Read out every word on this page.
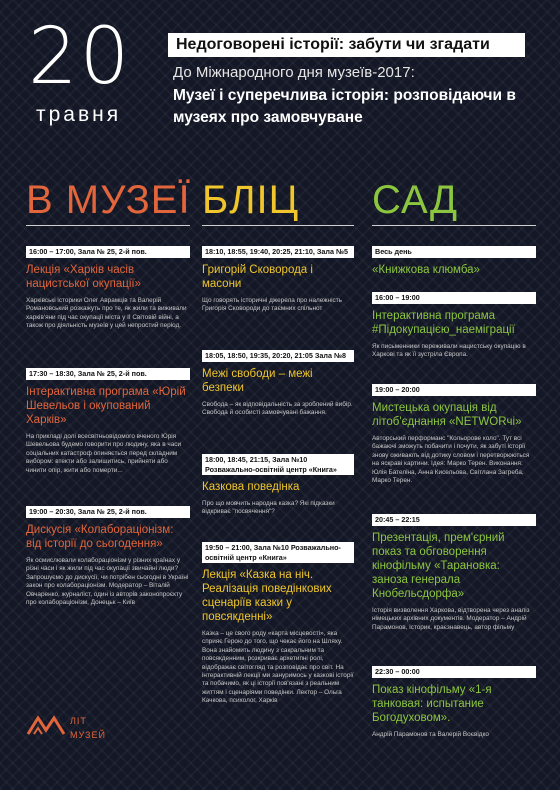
20
травня
Недоговорені історії: забути чи згадати
До Міжнародного дня музеїв-2017:
Музеї і суперечлива історія: розповідаючи в музеях про замовчуване
В МУЗЕЇ
16:00 – 17:00, Зала № 25, 2-й пов.
Лекція «Харків часів нацистської окупації»
Харківські історики Олег Аврамців та Валерій Романовський розкажуть про те, як жили та виживали харків'яни під час окупації міста у II Світовій війні, а також про діяльність музеїв у цей непростий період.
17:30 – 18:30, Зала № 25, 2-й пов.
Інтерактивна програма «Юрій Шевельов і окупований Харків»
На прикладі долі всесвітньовідомого вченого Юрія Шевельова будемо говорити про людину, яка в часи соціальних катастроф опиняється перед складним вибором: втекти або залишитись, прийняти або чинити опір, жити або померти...
19:00 – 20:30, Зала № 25, 2-й пов.
Дискусія «Колабораціонізм: від історії до сьогодення»
Як осмислювали колабораціонізм у різних країнах у різні часи і як жили під час окупації звичайні люди? Запрошуємо до дискусії, чи потрібен сьогодні в Україні закон про колабораціонізм. Модератор – Віталій Овчаренко, журналіст, один із авторів законопроєкту про колабораціонізм, Донецьк – Київ
БЛІЦ
18:10, 18:55, 19:40, 20:25, 21:10, Зала №5
Григорій Сковорода і масони
Що говорять історичні джерела про належність Григорія Сковороди до таємних спільнот
18:05, 18:50, 19:35, 20:20, 21:05 Зала №8
Межі свободи – межі безпеки
Свобода – як відповідальність за зроблений вибір. Свобода й особисті замовчувані бажання.
18:00, 18:45, 21:15, Зала №10 Розважально-освітній центр «Книга»
Казкова поведінка
Про що мовчить народна казка? Які підказки відкриває "посвячення"?
19:50 – 21:00, Зала №10 Розважально-освітній центр «Книга»
Лекція «Казка на ніч. Реалізація поведінкових сценаріїв казки у повсякденні»
Казка – це свого роду «карта місцевості», яка сприяє Герою до того, що чекає його на Шляху. Вона знайомить людину з сакральним та повсякденним, розкриває архетипні ролі, відображає світогляд та розповідає про світ. На інтерактивній лекції ми зануримось у казкові історії та побачимо, як ці історії пов'язані з реальним життям і сценаріями поведінки. Лектор – Ольга Качкова, психолог, Харків
САД
Весь день
«Книжкова клюмба»
16:00 – 19:00
Інтерактивна програма #Підокупацією_наеміграції
Як письменники переживали нацистську окупацію в Харкові та як її зустріла Європа.
19:00 – 20:00
Мистецька окупація від літоб'єднання «NETWORчі»
Авторський перформанс "Кольорове коло". Тут всі бажаючі зможуть побачити і почути, як забуті історії знову оживають від дотику словом і перетворюються на яскраві картини. Ідея: Марко Терен. Виконання: Юлія Бателіна, Анна Кисельова, Світлана Загреба, Марко Терен.
20:45 – 22:15
Презентація, прем'єрний показ та обговорення кінофільму «Тарановка: заноза генерала Кнобельсдорфа»
Історія визволення Харкова, відтворена через аналіз німецьких архівних документів. Модератор – Андрій Парамонов, історик, краєзнавець, автор фільму
22:30 – 00:00
Показ кінофільму «1-я танковая: испытание Богодуховом».
Андрій Парамонов та Валерій Воєвідко
ЛІТ
МУЗЕЙ
